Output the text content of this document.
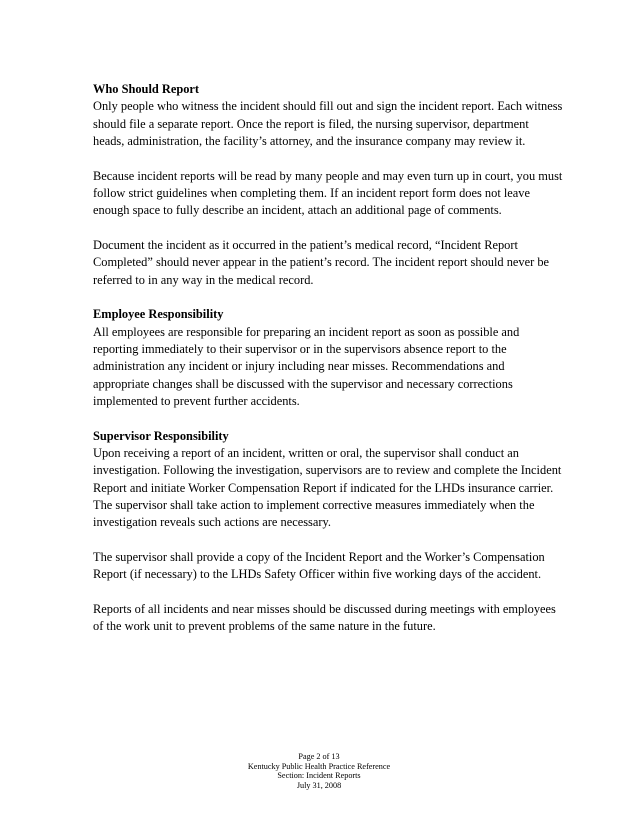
Who Should Report
Only people who witness the incident should fill out and sign the incident report. Each witness should file a separate report. Once the report is filed, the nursing supervisor, department heads, administration, the facility’s attorney, and the insurance company may review it.
Because incident reports will be read by many people and may even turn up in court, you must follow strict guidelines when completing them. If an incident report form does not leave enough space to fully describe an incident, attach an additional page of comments.
Document the incident as it occurred in the patient’s medical record, “Incident Report Completed” should never appear in the patient’s record. The incident report should never be referred to in any way in the medical record.
Employee Responsibility
All employees are responsible for preparing an incident report as soon as possible and reporting immediately to their supervisor or in the supervisors absence report to the administration any incident or injury including near misses. Recommendations and appropriate changes shall be discussed with the supervisor and necessary corrections implemented to prevent further accidents.
Supervisor Responsibility
Upon receiving a report of an incident, written or oral, the supervisor shall conduct an investigation. Following the investigation, supervisors are to review and complete the Incident Report and initiate Worker Compensation Report if indicated for the LHDs insurance carrier. The supervisor shall take action to implement corrective measures immediately when the investigation reveals such actions are necessary.
The supervisor shall provide a copy of the Incident Report and the Worker’s Compensation Report (if necessary) to the LHDs Safety Officer within five working days of the accident.
Reports of all incidents and near misses should be discussed during meetings with employees of the work unit to prevent problems of the same nature in the future.
Page 2 of 13
Kentucky Public Health Practice Reference
Section: Incident Reports
July 31, 2008
